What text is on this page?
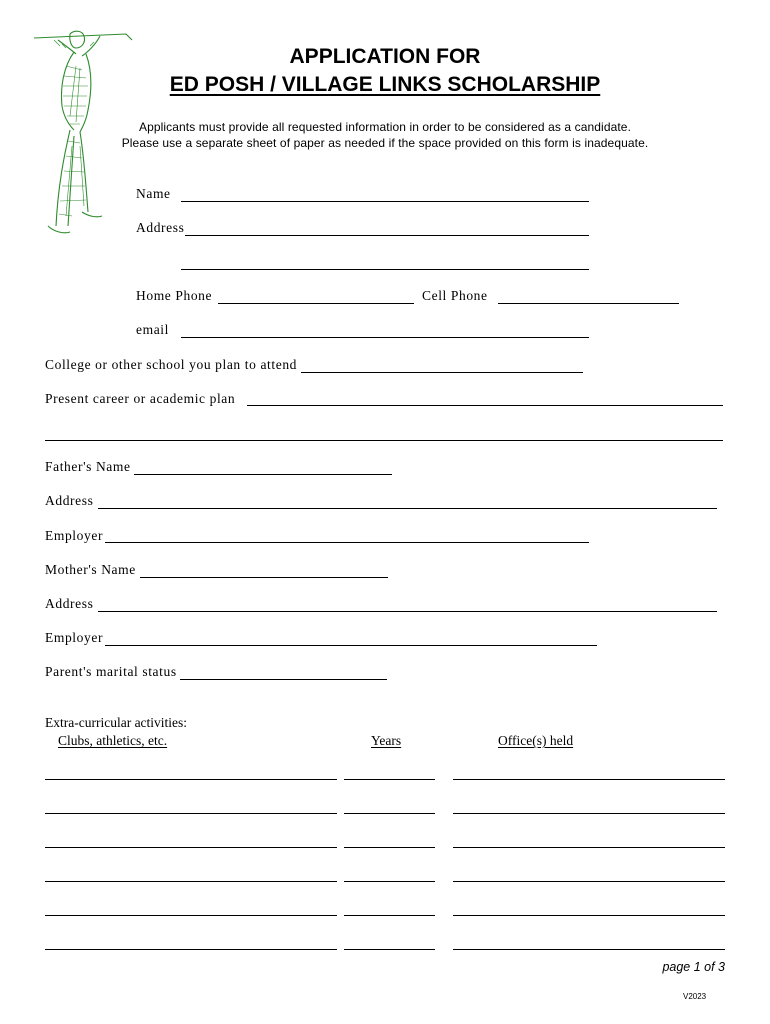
APPLICATION FOR
ED POSH / VILLAGE LINKS SCHOLARSHIP
Applicants must provide all requested information in order to be considered as a candidate.
Please use a separate sheet of paper as needed if the space provided on this form is inadequate.
Name
Address
Home Phone	Cell Phone
email
College or other school you plan to attend
Present career or academic plan
Father's Name
Address
Employer
Mother's Name
Address
Employer
Parent's marital status
Extra-curricular activities:
Clubs, athletics, etc.	Years	Office(s) held
page 1 of 3
V2023
